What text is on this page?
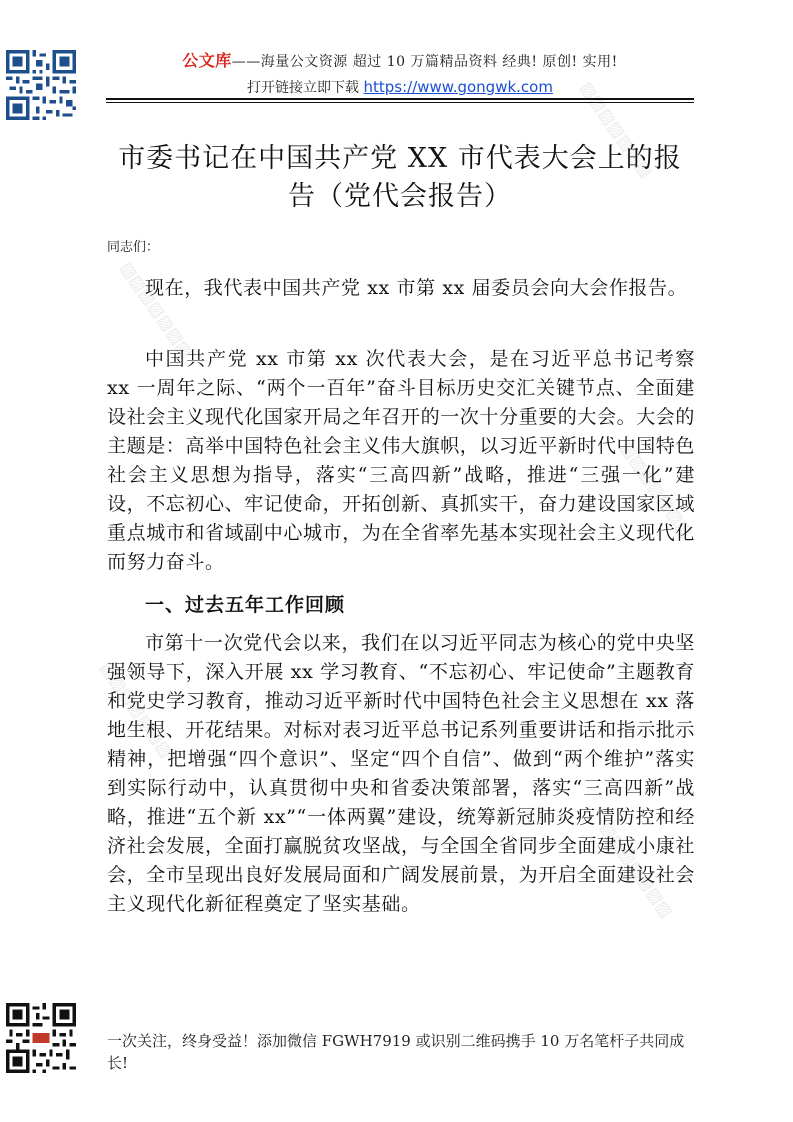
▨▨▨▨▨▨▨
▨▨▨▨▨▨▨
▨▨▨▨▨▨▨
▨▨▨▨▨▨▨
▨▨▨▨▨▨▨
公文库——海量公文资源 超过 10 万篇精品资料 经典! 原创! 实用!
打开链接立即下载 https://www.gongwk.com
市委书记在中国共产党 XX 市代表大会上的报
告（党代会报告）
同志们：

现在，我代表中国共产党 xx 市第 xx 届委员会向大会作报告。

中国共产党 xx 市第 xx 次代表大会，是在习近平总书记考察 xx 一周年之际、“两个一百年”奋斗目标历史交汇关键节点、全面建设社会主义现代化国家开局之年召开的一次十分重要的大会。大会的主题是：高举中国特色社会主义伟大旗帜，以习近平新时代中国特色社会主义思想为指导，落实“三高四新”战略，推进“三强一化”建设，不忘初心、牢记使命，开拓创新、真抓实干，奋力建设国家区域重点城市和省域副中心城市，为在全省率先基本实现社会主义现代化而努力奋斗。

一、过去五年工作回顾

市第十一次党代会以来，我们在以习近平同志为核心的党中央坚强领导下，深入开展 xx 学习教育、“不忘初心、牢记使命”主题教育和党史学习教育，推动习近平新时代中国特色社会主义思想在 xx 落地生根、开花结果。对标对表习近平总书记系列重要讲话和指示批示精神，把增强“四个意识”、坚定“四个自信”、做到“两个维护”落实到实际行动中，认真贯彻中央和省委决策部署，落实“三高四新”战略，推进“五个新 xx”“一体两翼”建设，统筹新冠肺炎疫情防控和经济社会发展，全面打赢脱贫攻坚战，与全国全省同步全面建成小康社会，全市呈现出良好发展局面和广阔发展前景，为开启全面建设社会主义现代化新征程奠定了坚实基础。

一次关注，终身受益！添加微信 FGWH7919 或识别二维码携手 10 万名笔杆子共同成长!
